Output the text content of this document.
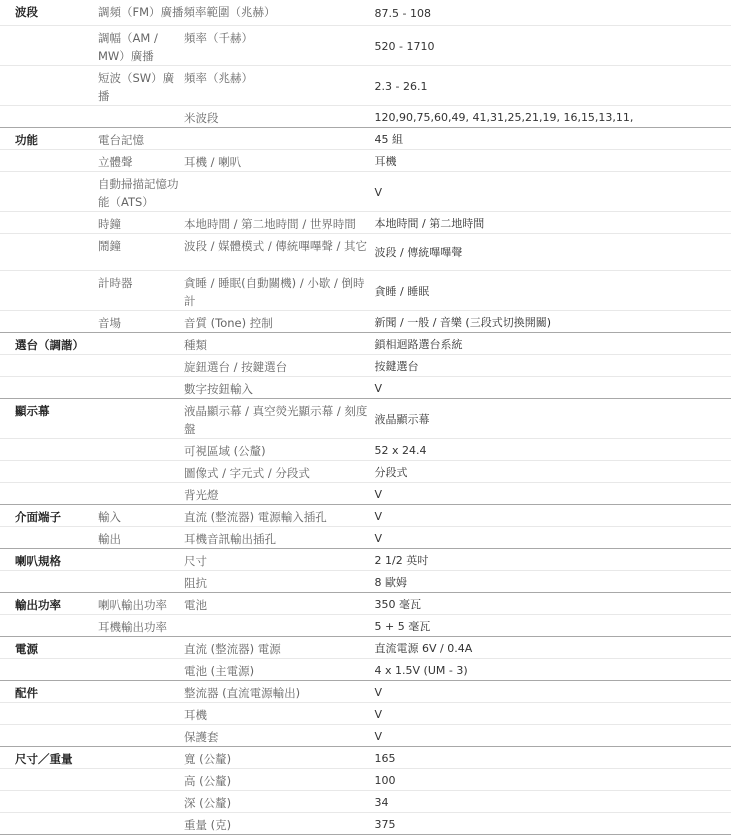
波段	調頻（FM）廣播頻率範圍（兆赫）		87.5 - 108
	調幅（AM / MW）廣播	頻率（千赫）	520 - 1710
	短波（SW）廣播	頻率（兆赫）	2.3 - 26.1
		米波段	120,90,75,60,49, 41,31,25,21,19, 16,15,13,11,
功能	電台記憶		45 組
	立體聲	耳機 / 喇叭	耳機
	自動掃描記憶功能（ATS）		V
	時鐘	本地時間 / 第二地時間 / 世界時間	本地時間 / 第二地時間
	鬧鐘	波段 / 媒體模式 / 傳統嗶嗶聲 / 其它	波段 / 傳統嗶嗶聲
	計時器	貪睡 / 睡眠(自動關機) / 小歇 / 倒時計	貪睡 / 睡眠
	音場	音質 (Tone) 控制	新聞 / 一般 / 音樂 (三段式切換開關)
選台（調諧）		種類	鎖相迴路選台系統
		旋鈕選台 / 按鍵選台	按鍵選台
		數字按鈕輸入	V
顯示幕		液晶顯示幕 / 真空熒光顯示幕 / 刻度盤	液晶顯示幕
		可視區域 (公釐)	52 x 24.4
		圖像式 / 字元式 / 分段式	分段式
		背光燈	V
介面端子	輸入	直流 (整流器) 電源輸入插孔	V
	輸出	耳機音訊輸出插孔	V
喇叭規格		尺寸	2 1/2 英吋
		阻抗	8 歐姆
輸出功率	喇叭輸出功率	電池	350 毫瓦
	耳機輸出功率		5 + 5 毫瓦
電源		直流 (整流器) 電源	直流電源 6V / 0.4A
		電池 (主電源)	4 x 1.5V (UM - 3)
配件		整流器 (直流電源輸出)	V
		耳機	V
		保護套	V
尺寸／重量		寬 (公釐)	165
		高 (公釐)	100
		深 (公釐)	34
		重量 (克)	375
